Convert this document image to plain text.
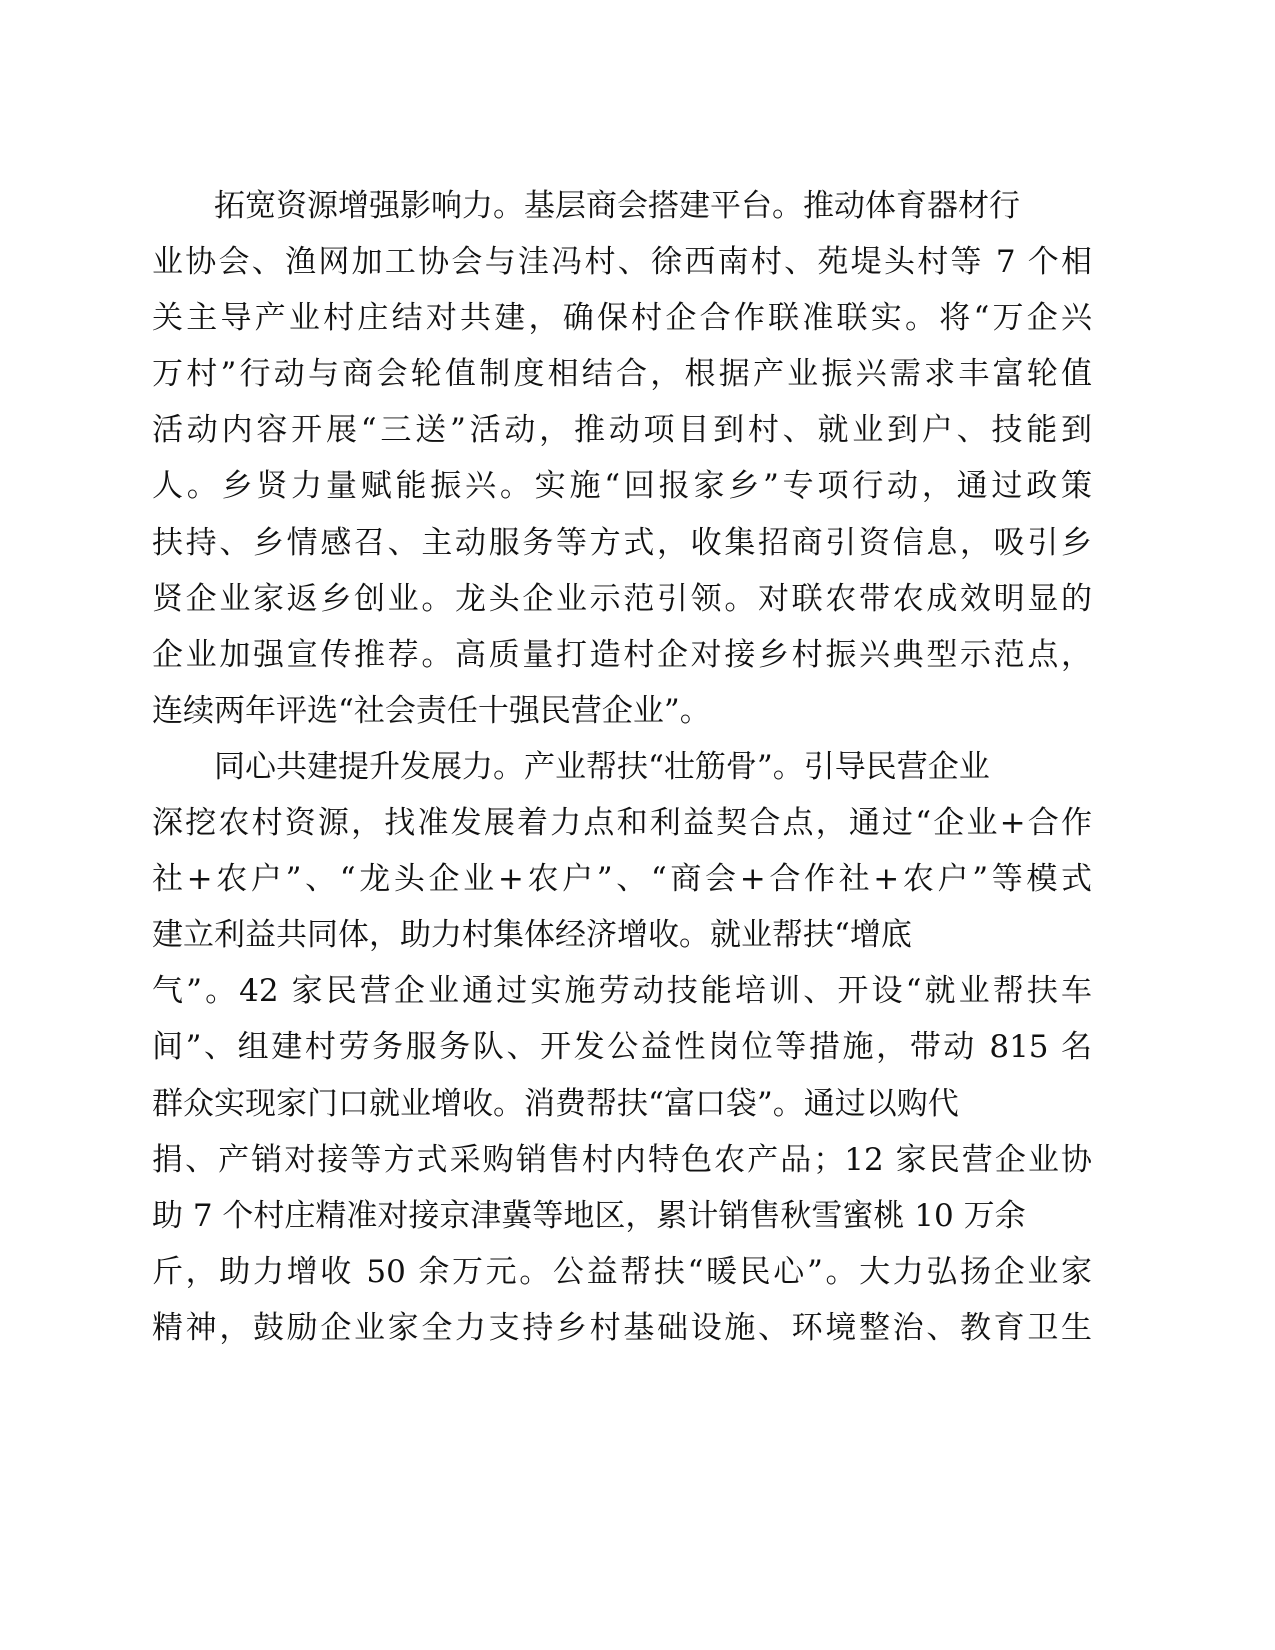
拓宽资源增强影响力。基层商会搭建平台。推动体育器材行
业协会、渔网加工协会与洼冯村、徐西南村、苑堤头村等 7 个相
关主导产业村庄结对共建，确保村企合作联准联实。将“万企兴
万村”行动与商会轮值制度相结合，根据产业振兴需求丰富轮值
活动内容开展“三送”活动，推动项目到村、就业到户、技能到
人。乡贤力量赋能振兴。实施“回报家乡”专项行动，通过政策
扶持、乡情感召、主动服务等方式，收集招商引资信息，吸引乡
贤企业家返乡创业。龙头企业示范引领。对联农带农成效明显的
企业加强宣传推荐。高质量打造村企对接乡村振兴典型示范点，
连续两年评选“社会责任十强民营企业”。
同心共建提升发展力。产业帮扶“壮筋骨”。引导民营企业
深挖农村资源，找准发展着力点和利益契合点，通过“企业+合作
社+农户”、“龙头企业+农户”、“商会+合作社+农户”等模式
建立利益共同体，助力村集体经济增收。就业帮扶“增底
气”。42 家民营企业通过实施劳动技能培训、开设“就业帮扶车
间”、组建村劳务服务队、开发公益性岗位等措施，带动 815 名
群众实现家门口就业增收。消费帮扶“富口袋”。通过以购代
捐、产销对接等方式采购销售村内特色农产品；12 家民营企业协
助 7 个村庄精准对接京津冀等地区，累计销售秋雪蜜桃 10 万余
斤，助力增收 50 余万元。公益帮扶“暖民心”。大力弘扬企业家
精神，鼓励企业家全力支持乡村基础设施、环境整治、教育卫生
